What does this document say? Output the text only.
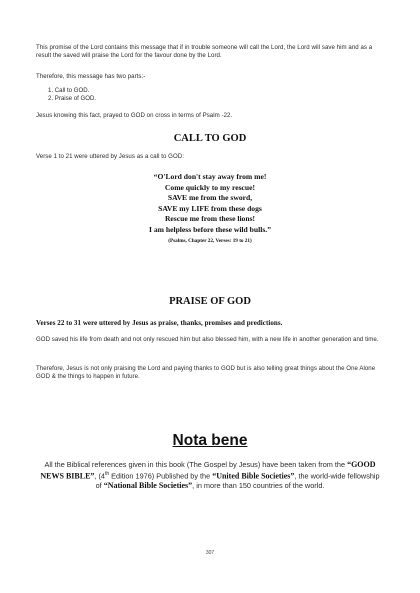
This promise of the Lord contains this message that if in trouble someone will call the Lord, the Lord will save him and as a result the saved will praise the Lord for the favour done by the Lord.
Therefore, this message has two parts:-
1. Call to GOD.
2. Praise of GOD.
Jesus knowing this fact, prayed to GOD on cross in terms of Psalm -22.
CALL TO GOD
Verse 1 to 21 were uttered by Jesus as a call to GOD:
“O'Lord don't stay away from me!
Come quickly to my rescue!
SAVE me from the sword,
SAVE my LIFE from these dogs
Rescue me from these lions!
I am helpless before these wild bulls.”
(Psalms, Chapter 22, Verses: 19 to 21)
PRAISE OF GOD
Verses 22 to 31 were uttered by Jesus as praise, thanks, promises and predictions.
GOD saved his life from death and not only rescued him but also blessed him, with a new life in another generation and time.
Therefore, Jesus is not only praising the Lord and paying thanks to GOD but is also telling great things about the One Alone GOD & the things to happen in future.
Nota bene
All the Biblical references given in this book (The Gospel by Jesus) have been taken from the “GOOD NEWS BIBLE”, (4th Edition 1976) Published by the “United Bible Societies”, the world-wide fellowship of “National Bible Societies”, in more than 150 countries of the world.
307
